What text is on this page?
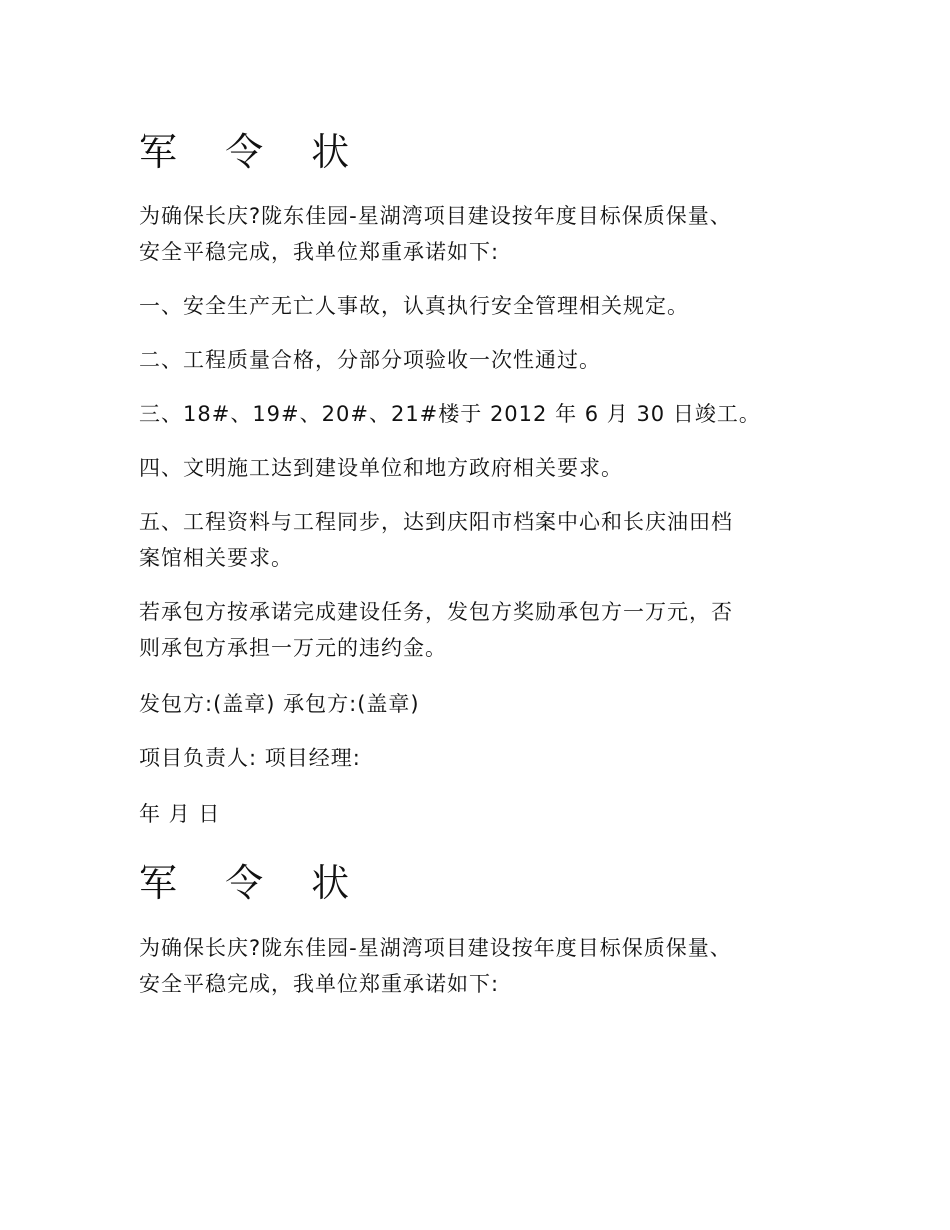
军 令 状

为确保长庆?陇东佳园-星湖湾项目建设按年度目标保质保量、
安全平稳完成，我单位郑重承诺如下:

一、安全生产无亡人事故，认真执行安全管理相关规定。

二、工程质量合格，分部分项验收一次性通过。

三、18#、19#、20#、21#楼于 2012 年 6 月 30 日竣工。

四、文明施工达到建设单位和地方政府相关要求。

五、工程资料与工程同步，达到庆阳市档案中心和长庆油田档
案馆相关要求。

若承包方按承诺完成建设任务，发包方奖励承包方一万元，否
则承包方承担一万元的违约金。

发包方:(盖章) 承包方:(盖章)

项目负责人: 项目经理:

年 月 日

军 令 状

为确保长庆?陇东佳园-星湖湾项目建设按年度目标保质保量、
安全平稳完成，我单位郑重承诺如下:
